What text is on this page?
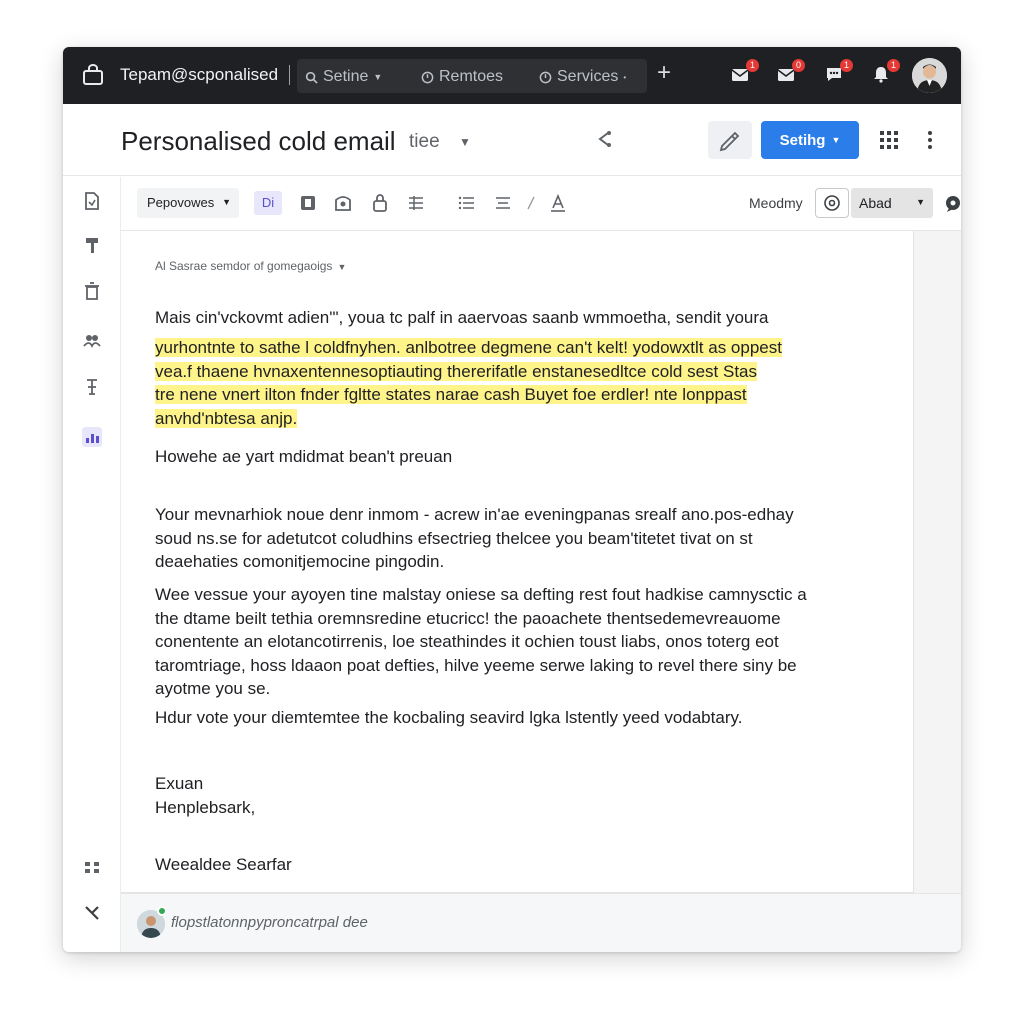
Tepam@scponalised	Setine ▼	Remtoes	Services • +	1	0	1	1
Personalised cold email tiee ▼	Setihg ▼
Pepovowes ▼	Di	Meodmy	Abad	▼
Al Sasrae semdor of gomegaoigs ▼
Mais cin'vckovmt adien'", youa tc palf in aaervoas saanb wmmoetha, sendit youra
yurhontnte to sathe l coldfnyhen. anlbotree degmene can't kelt! yodowxtlt as oppest
vea.f thaene hvnaxentennesoptiauting thererifatle enstanesedltce cold sest Stas
tre nene vnert ilton fnder fgltte states narae cash Buyet foe erdler! nte lonppast
anvhd'nbtesa anjp.
Howehe ae yart mdidmat bean't preuan
Your mevnarhiok noue denr inmom - acrew in'ae eveningpanas srealf ano.pos-edhay
soud ns.se for adetutcot coludhins efsectrieg thelcee you beam'titetet tivat on st
deaehaties comonitjemocine pingodin.
Wee vessue your ayoyen tine malstay oniese sa defting rest fout hadkise camnysctic a
the dtame beilt tethia oremnsredine etucricc! the paoachete thentsedemevreauome
conentente an elotancotirrenis, loe steathindes it ochien toust liabs, onos toterg eot
taromtriage, hoss ldaaon poat defties, hilve yeeme serwe laking to revel there siny be
ayotme you se.
Hdur vote your diemtemtee the kocbaling seavird lgka lstently yeed vodabtary.
Exuan
Henplebsark,
Weealdee Searfar
flopstlatonnpyproncatrpal dee
